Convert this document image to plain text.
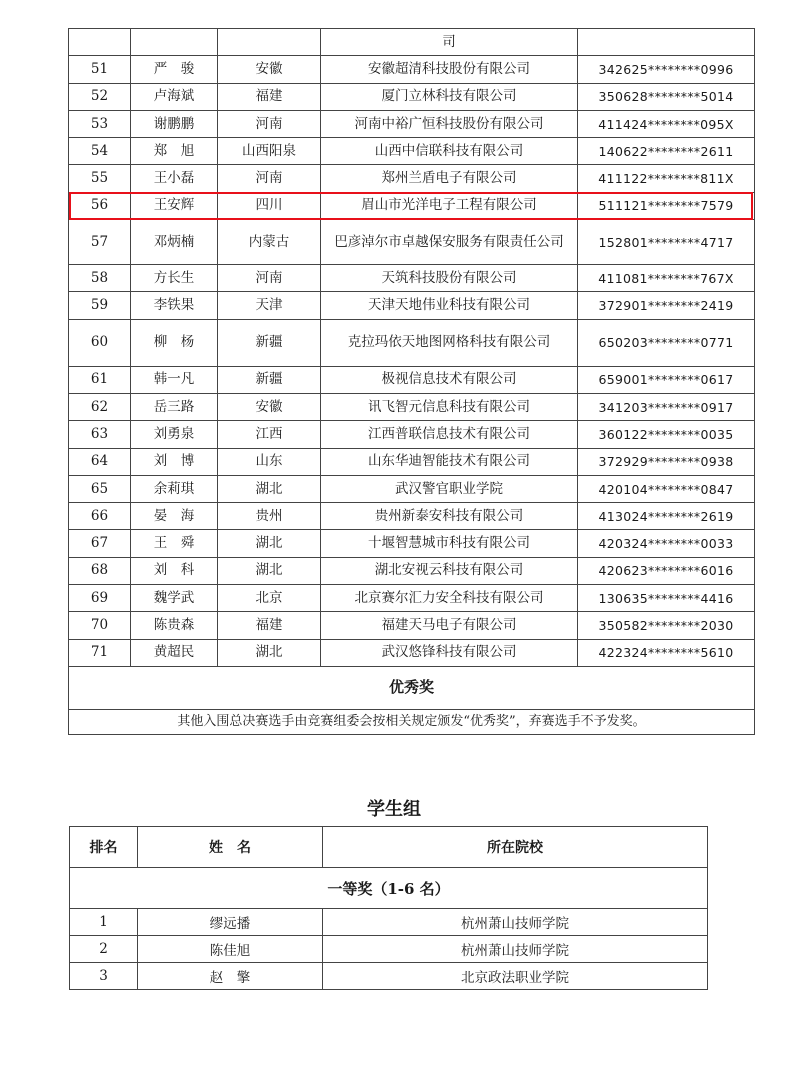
			司	
51	严　骏	安徽	安徽超清科技股份有限公司	342625********0996
52	卢海斌	福建	厦门立林科技有限公司	350628********5014
53	谢鹏鹏	河南	河南中裕广恒科技股份有限公司	411424********095X
54	郑　旭	山西阳泉	山西中信联科技有限公司	140622********2611
55	王小磊	河南	郑州兰盾电子有限公司	411122********811X
56	王安辉	四川	眉山市光洋电子工程有限公司	511121********7579
57	邓炳楠	内蒙古	巴彦淖尔市卓越保安服务有限责任公司	152801********4717
58	方长生	河南	天筑科技股份有限公司	411081********767X
59	李铁果	天津	天津天地伟业科技有限公司	372901********2419
60	柳　杨	新疆	克拉玛依天地图网格科技有限公司	650203********0771
61	韩一凡	新疆	极视信息技术有限公司	659001********0617
62	岳三路	安徽	讯飞智元信息科技有限公司	341203********0917
63	刘勇泉	江西	江西普联信息技术有限公司	360122********0035
64	刘　博	山东	山东华迪智能技术有限公司	372929********0938
65	余莉琪	湖北	武汉警官职业学院	420104********0847
66	晏　海	贵州	贵州新泰安科技有限公司	413024********2619
67	王　舜	湖北	十堰智慧城市科技有限公司	420324********0033
68	刘　科	湖北	湖北安视云科技有限公司	420623********6016
69	魏学武	北京	北京赛尔汇力安全科技有限公司	130635********4416
70	陈贵森	福建	福建天马电子有限公司	350582********2030
71	黄超民	湖北	武汉悠锋科技有限公司	422324********5610
优秀奖				
其他入围总决赛选手由竞赛组委会按相关规定颁发“优秀奖”，弃赛选手不予发奖。				
学生组
排名	姓　名	所在院校
一等奖（1-6 名）		
1	缪远播	杭州萧山技师学院
2	陈佳旭	杭州萧山技师学院
3	赵　擎	北京政法职业学院
